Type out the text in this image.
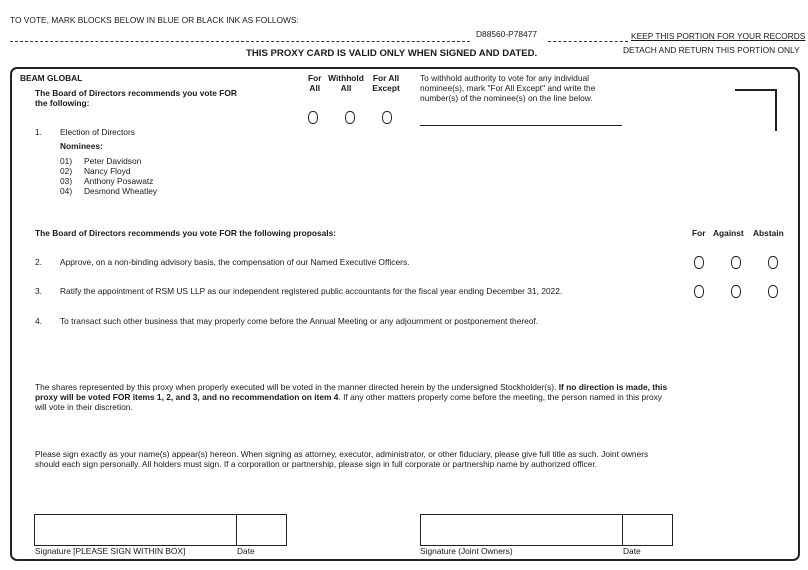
TO VOTE, MARK BLOCKS BELOW IN BLUE OR BLACK INK AS FOLLOWS:
D88560-P78477	KEEP THIS PORTION FOR YOUR RECORDS
DETACH AND RETURN THIS PORTION ONLY
THIS PROXY CARD IS VALID ONLY WHEN SIGNED AND DATED.
BEAM GLOBAL
The Board of Directors recommends you vote FOR
the following:
For
All
Withhold
All
For All
Except
To withhold authority to vote for any individual
nominee(s), mark "For All Except" and write the
number(s) of the nominee(s) on the line below.
1. Election of Directors
Nominees:
01) Peter Davidson
02) Nancy Floyd
03) Anthony Posawatz
04) Desmond Wheatley
The Board of Directors recommends you vote FOR the following proposals:	For Against Abstain
2. Approve, on a non-binding advisory basis, the compensation of our Named Executive Officers.
3. Ratify the appointment of RSM US LLP as our independent registered public accountants for the fiscal year ending December 31, 2022.
4. To transact such other business that may properly come before the Annual Meeting or any adjournment or postponement thereof.
The shares represented by this proxy when properly executed will be voted in the manner directed herein by the undersigned Stockholder(s). If no direction is made, this proxy will be voted FOR items 1, 2, and 3, and no recommendation on item 4. If any other matters properly come before the meeting, the person named in this proxy will vote in their discretion.
Please sign exactly as your name(s) appear(s) hereon. When signing as attorney, executor, administrator, or other fiduciary, please give full title as such. Joint owners should each sign personally. All holders must sign. If a corporation or partnership, please sign in full corporate or partnership name by authorized officer.
Signature [PLEASE SIGN WITHIN BOX]	Date	Signature (Joint Owners)	Date
